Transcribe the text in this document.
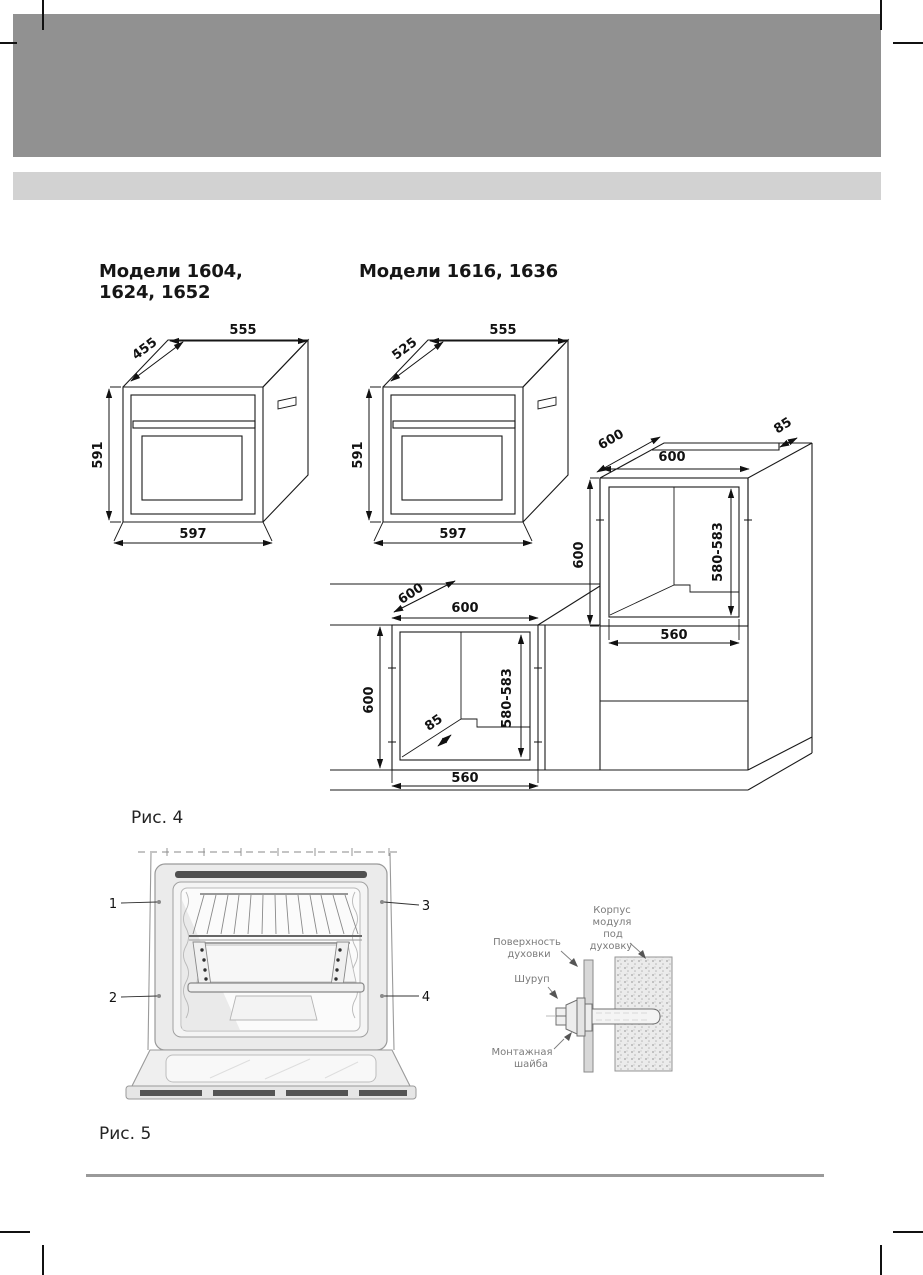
Модели 1604,
1624, 1652
Модели 1616, 1636
Рис. 4
Рис. 5
555
455
591
597
555
525
591
597
600
600
600
85	580-583
560
600
85
600
600	580-583
560
1
2
3
4
Корпус
модуля
под
духовку
Поверхность
духовки
Шуруп
Монтажная
шайба
